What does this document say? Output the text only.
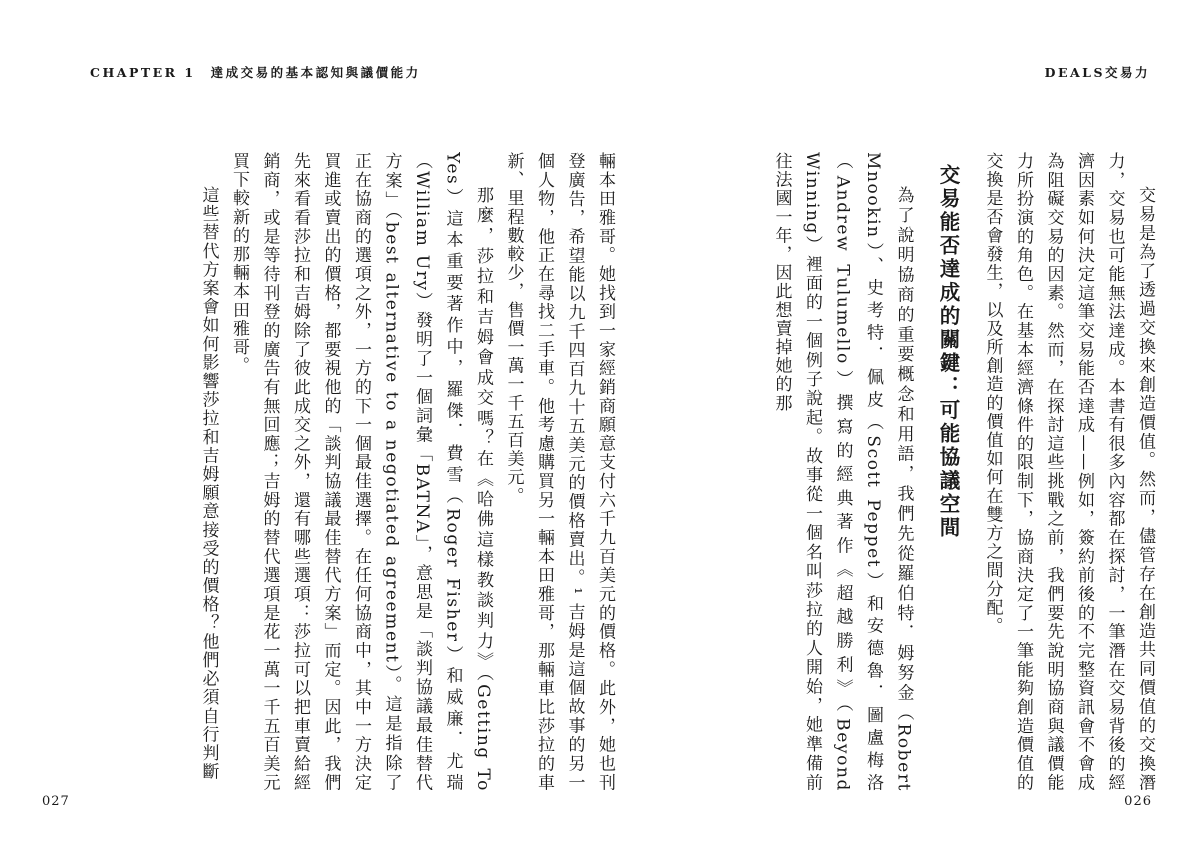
CHAPTER 1　達成交易的基本認知與議價能力	DEALS交易力

交易是為了透過交換來創造價值。然而，儘管存在創造共同價值的交換潛力，交易也可能無法達成。本書有很多內容都在探討，一筆潛在交易背後的經濟因素如何決定這筆交易能否達成——例如，簽約前後的不完整資訊會不會成為阻礙交易的因素。然而，在探討這些挑戰之前，我們要先說明協商與議價能力所扮演的角色。在基本經濟條件的限制下，協商決定了一筆能夠創造價值的交換是否會發生，以及所創造的價值如何在雙方之間分配。

交易能否達成的關鍵：可能協議空間

為了說明協商的重要概念和用語，我們先從羅伯特．姆努金（Robert Mnookin）、史考特．佩皮（Scott Peppet）和安德魯．圖盧梅洛（Andrew Tulumello）撰寫的經典著作《超越勝利》（Beyond Winning）裡面的一個例子說起。故事從一個名叫莎拉的人開始，她準備前往法國一年，因此想賣掉她的那

輛本田雅哥。她找到一家經銷商願意支付六千九百美元的價格。此外，她也刊登廣告，希望能以九千四百九十五美元的價格賣出。¹ 吉姆是這個故事的另一個人物，他正在尋找二手車。他考慮購買另一輛本田雅哥，那輛車比莎拉的車新、里程數較少，售價一萬一千五百美元。

那麼，莎拉和吉姆會成交嗎？在《哈佛這樣教談判力》（Getting To Yes）這本重要著作中，羅傑．費雪（Roger Fisher）和威廉．尤瑞（William Ury）發明了一個詞彙「BATNA」，意思是「談判協議最佳替代方案」（best alternative to a negotiated agreement）。這是指除了正在協商的選項之外，一方的下一個最佳選擇。在任何協商中，其中一方決定買進或賣出的價格，都要視他的「談判協議最佳替代方案」而定。因此，我們先來看看莎拉和吉姆除了彼此成交之外，還有哪些選項：莎拉可以把車賣給經銷商，或是等待刊登的廣告有無回應；吉姆的替代選項是花一萬一千五百美元買下較新的那輛本田雅哥。

這些替代方案會如何影響莎拉和吉姆願意接受的價格？他們必須自行判斷

027	026
